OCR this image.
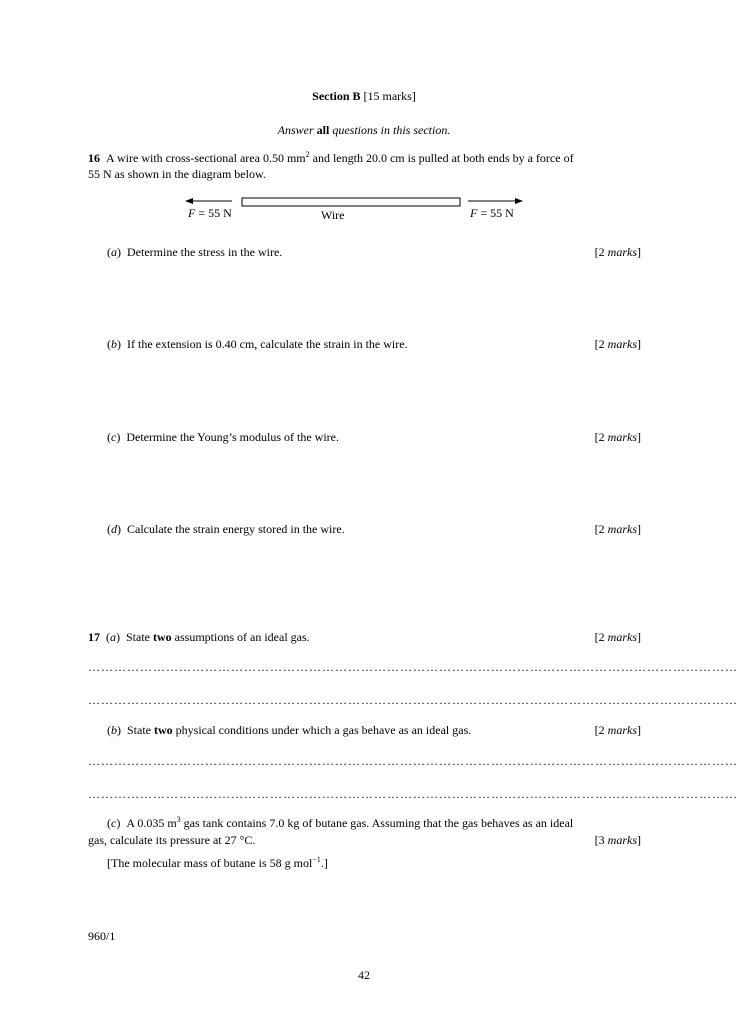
Section B [15 marks]
Answer all questions in this section.
16 A wire with cross-sectional area 0.50 $mm^2$ and length 20.0 cm is pulled at both ends by a force of
55 N as shown in the diagram below.
F = 55 N	Wire	F = 55 N
(a)  Determine the stress in the wire.	[2 marks]
(b)  If the extension is 0.40 cm, calculate the strain in the wire.	[2 marks]
(c)  Determine the Young’s modulus of the wire.	[2 marks]
(d)  Calculate the strain energy stored in the wire.	[2 marks]
17  (a)  State two assumptions of an ideal gas.	[2 marks]
……………………………………………………………………………………………………………………………………
……………………………………………………………………………………………………………………………………
(b)  State two physical conditions under which a gas behave as an ideal gas.	[2 marks]
……………………………………………………………………………………………………………………………………
……………………………………………………………………………………………………………………………………
(c)  A 0.035 $m^3$ gas tank contains 7.0 kg of butane gas. Assuming that the gas behaves as an ideal
gas, calculate its pressure at 27 °C.	[3 marks]
[The molecular mass of butane is 58 g mol$^{-1}$.]
960/1
42
